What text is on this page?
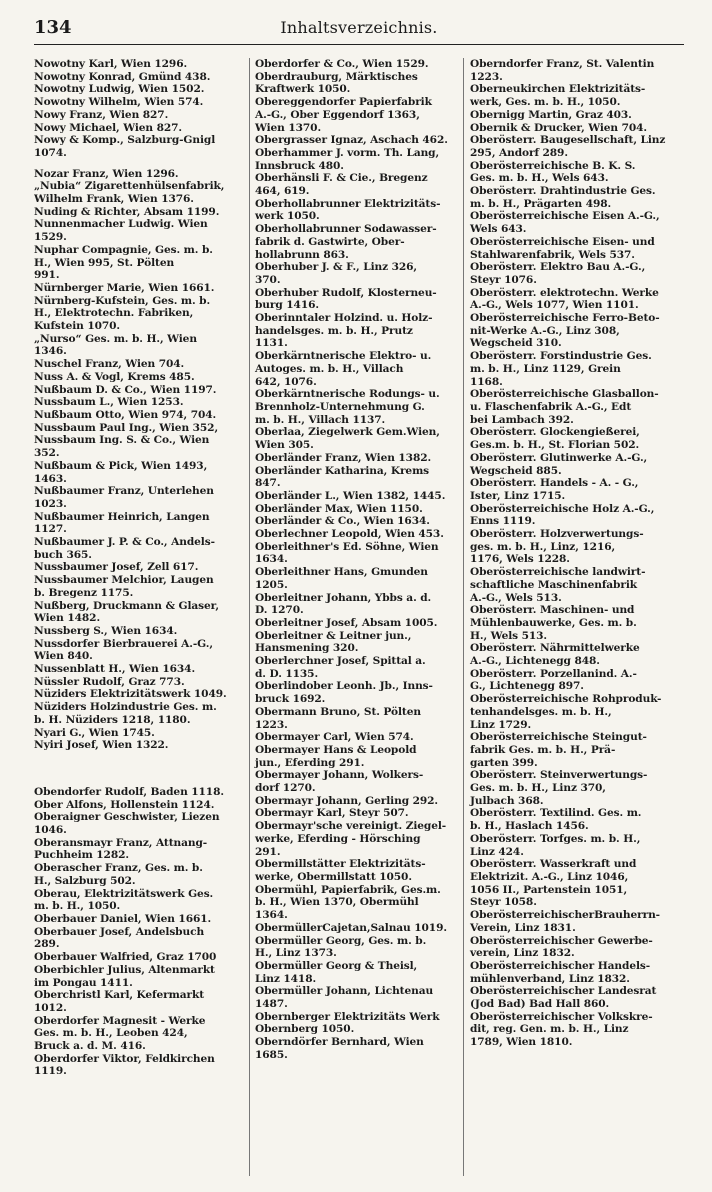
134	Inhaltsverzeichnis.

Nowotny Karl, Wien 1296.

Nowotny Konrad, Gmünd 438.

Nowotny Ludwig, Wien 1502.

Nowotny Wilhelm, Wien 574.

Nowy Franz, Wien 827.

Nowy Michael, Wien 827.

Nowy & Komp., Salzburg-Gnigl
1074.

Nozar Franz, Wien 1296.

„Nubia“ Zigarettenhülsenfabrik,
Wilhelm Frank, Wien 1376.

Nuding & Richter, Absam 1199.

Nunnenmacher Ludwig. Wien
1529.

Nuphar Compagnie, Ges. m. b.
H., Wien 995, St. Pölten
991.

Nürnberger Marie, Wien 1661.

Nürnberg-Kufstein, Ges. m. b.
H., Elektrotechn. Fabriken,
Kufstein 1070.

„Nurso“ Ges. m. b. H., Wien
1346.

Nuschel Franz, Wien 704.

Nuss A. & Vogl, Krems 485.

Nußbaum D. & Co., Wien 1197.

Nussbaum L., Wien 1253.

Nußbaum Otto, Wien 974, 704.

Nussbaum Paul Ing., Wien 352,

Nussbaum Ing. S. & Co., Wien
352.

Nußbaum & Pick, Wien 1493,
1463.

Nußbaumer Franz, Unterlehen
1023.

Nußbaumer Heinrich, Langen
1127.

Nußbaumer J. P. & Co., Andels-
buch 365.

Nussbaumer Josef, Zell 617.

Nussbaumer Melchior, Laugen
b. Bregenz 1175.

Nußberg, Druckmann & Glaser,
Wien 1482.

Nussberg S., Wien 1634.

Nussdorfer Bierbrauerei A.-G.,
Wien 840.

Nussenblatt H., Wien 1634.

Nüssler Rudolf, Graz 773.

Nüziders Elektrizitätswerk 1049.

Nüziders Holzindustrie Ges. m.
b. H. Nüziders 1218, 1180.

Nyari G., Wien 1745.

Nyiri Josef, Wien 1322.

Obendorfer Rudolf, Baden 1118.

Ober Alfons, Hollenstein 1124.

Oberaigner Geschwister, Liezen
1046.

Oberansmayr Franz, Attnang-
Puchheim 1282.

Oberascher Franz, Ges. m. b.
H., Salzburg 502.

Oberau, Elektrizitätswerk Ges.
m. b. H., 1050.

Oberbauer Daniel, Wien 1661.

Oberbauer Josef, Andelsbuch
289.

Oberbauer Walfried, Graz 1700

Oberbichler Julius, Altenmarkt
im Pongau 1411.

Oberchristl Karl, Kefermarkt
1012.

Oberdorfer Magnesit - Werke
Ges. m. b. H., Leoben 424,
Bruck a. d. M. 416.

Oberdorfer Viktor, Feldkirchen
1119.

Oberdorfer & Co., Wien 1529.

Oberdrauburg, Märktisches
Kraftwerk 1050.

Obereggendorfer Papierfabrik
A.-G., Ober Eggendorf 1363,
Wien 1370.

Obergrasser Ignaz, Aschach 462.

Oberhammer J. vorm. Th. Lang,
Innsbruck 480.

Oberhänsli F. & Cie., Bregenz
464, 619.

Oberhollabrunner Elektrizitäts-
werk 1050.

Oberhollabrunner Sodawasser-
fabrik d. Gastwirte, Ober-
hollabrunn 863.

Oberhuber J. & F., Linz 326,
370.

Oberhuber Rudolf, Klosterneu-
burg 1416.

Oberinntaler Holzind. u. Holz-
handelsges. m. b. H., Prutz
1131.

Oberkärntnerische Elektro- u.
Autoges. m. b. H., Villach
642, 1076.

Oberkärntnerische Rodungs- u.
Brennholz-Unternehmung G.
m. b. H., Villach 1137.

Oberlaa, Ziegelwerk Gem.Wien,
Wien 305.

Oberländer Franz, Wien 1382.

Oberländer Katharina, Krems
847.

Oberländer L., Wien 1382, 1445.

Oberländer Max, Wien 1150.

Oberländer & Co., Wien 1634.

Oberlechner Leopold, Wien 453.

Oberleithner's Ed. Söhne, Wien
1634.

Oberleithner Hans, Gmunden
1205.

Oberleitner Johann, Ybbs a. d.
D. 1270.

Oberleitner Josef, Absam 1005.

Oberleitner & Leitner jun.,
Hansmening 320.

Oberlerchner Josef, Spittal a.
d. D. 1135.

Oberlindober Leonh. Jb., Inns-
bruck 1692.

Obermann Bruno, St. Pölten
1223.

Obermayer Carl, Wien 574.

Obermayer Hans & Leopold
jun., Eferding 291.

Obermayer Johann, Wolkers-
dorf 1270.

Obermayr Johann, Gerling 292.

Obermayr Karl, Steyr 507.

Obermayr'sche vereinigt. Ziegel-
werke, Eferding - Hörsching
291.

Obermillstätter Elektrizitäts-
werke, Obermillstatt 1050.

Obermühl, Papierfabrik, Ges.m.
b. H., Wien 1370, Obermühl
1364.

ObermüllerCajetan,Salnau 1019.

Obermüller Georg, Ges. m. b.
H., Linz 1373.

Obermüller Georg & Theisl,
Linz 1418.

Obermüller Johann, Lichtenau
1487.

Obernberger Elektrizitäts Werk
Obernberg 1050.

Oberndörfer Bernhard, Wien
1685.

Oberndorfer Franz, St. Valentin
1223.

Oberneukirchen Elektrizitäts-
werk, Ges. m. b. H., 1050.

Obernigg Martin, Graz 403.

Obernik & Drucker, Wien 704.

Oberösterr. Baugesellschaft, Linz
295, Andorf 289.

Oberösterreichische B. K. S.
Ges. m. b. H., Wels 643.

Oberösterr. Drahtindustrie Ges.
m. b. H., Prägarten 498.

Oberösterreichische Eisen A.-G.,
Wels 643.

Oberösterreichische Eisen- und
Stahlwarenfabrik, Wels 537.

Oberösterr. Elektro Bau A.-G.,
Steyr 1076.

Oberösterr. elektrotechn. Werke
A.-G., Wels 1077, Wien 1101.

Oberösterreichische Ferro-Beto-
nit-Werke A.-G., Linz 308,
Wegscheid 310.

Oberösterr. Forstindustrie Ges.
m. b. H., Linz 1129, Grein
1168.

Oberösterreichische Glasballon-
u. Flaschenfabrik A.-G., Edt
bei Lambach 392.

Oberösterr. Glockengießerei,
Ges.m. b. H., St. Florian 502.

Oberösterr. Glutinwerke A.-G.,
Wegscheid 885.

Oberösterr. Handels - A. - G.,
Ister, Linz 1715.

Oberösterreichische Holz A.-G.,
Enns 1119.

Oberösterr. Holzverwertungs-
ges. m. b. H., Linz, 1216,
1176, Wels 1228.

Oberösterreichische landwirt-
schaftliche Maschinenfabrik
A.-G., Wels 513.

Oberösterr. Maschinen- und
Mühlenbauwerke, Ges. m. b.
H., Wels 513.

Oberösterr. Nährmittelwerke
A.-G., Lichtenegg 848.

Oberösterr. Porzellanind. A.-
G., Lichtenegg 897.

Oberösterreichische Rohproduk-
tenhandelsges. m. b. H.,
Linz 1729.

Oberösterreichische Steingut-
fabrik Ges. m. b. H., Prä-
garten 399.

Oberösterr. Steinverwertungs-
Ges. m. b. H., Linz 370,
Julbach 368.

Oberösterr. Textilind. Ges. m.
b. H., Haslach 1456.

Oberösterr. Torfges. m. b. H.,
Linz 424.

Oberösterr. Wasserkraft und
Elektrizit. A.-G., Linz 1046,
1056 II., Partenstein 1051,
Steyr 1058.

OberösterreichischerBrauherrn-
Verein, Linz 1831.

Oberösterreichischer Gewerbe-
verein, Linz 1832.

Oberösterreichischer Handels-
mühlenverband, Linz 1832.

Oberösterreichischer Landesrat
(Jod Bad) Bad Hall 860.

Oberösterreichischer Volkskre-
dit, reg. Gen. m. b. H., Linz
1789, Wien 1810.
